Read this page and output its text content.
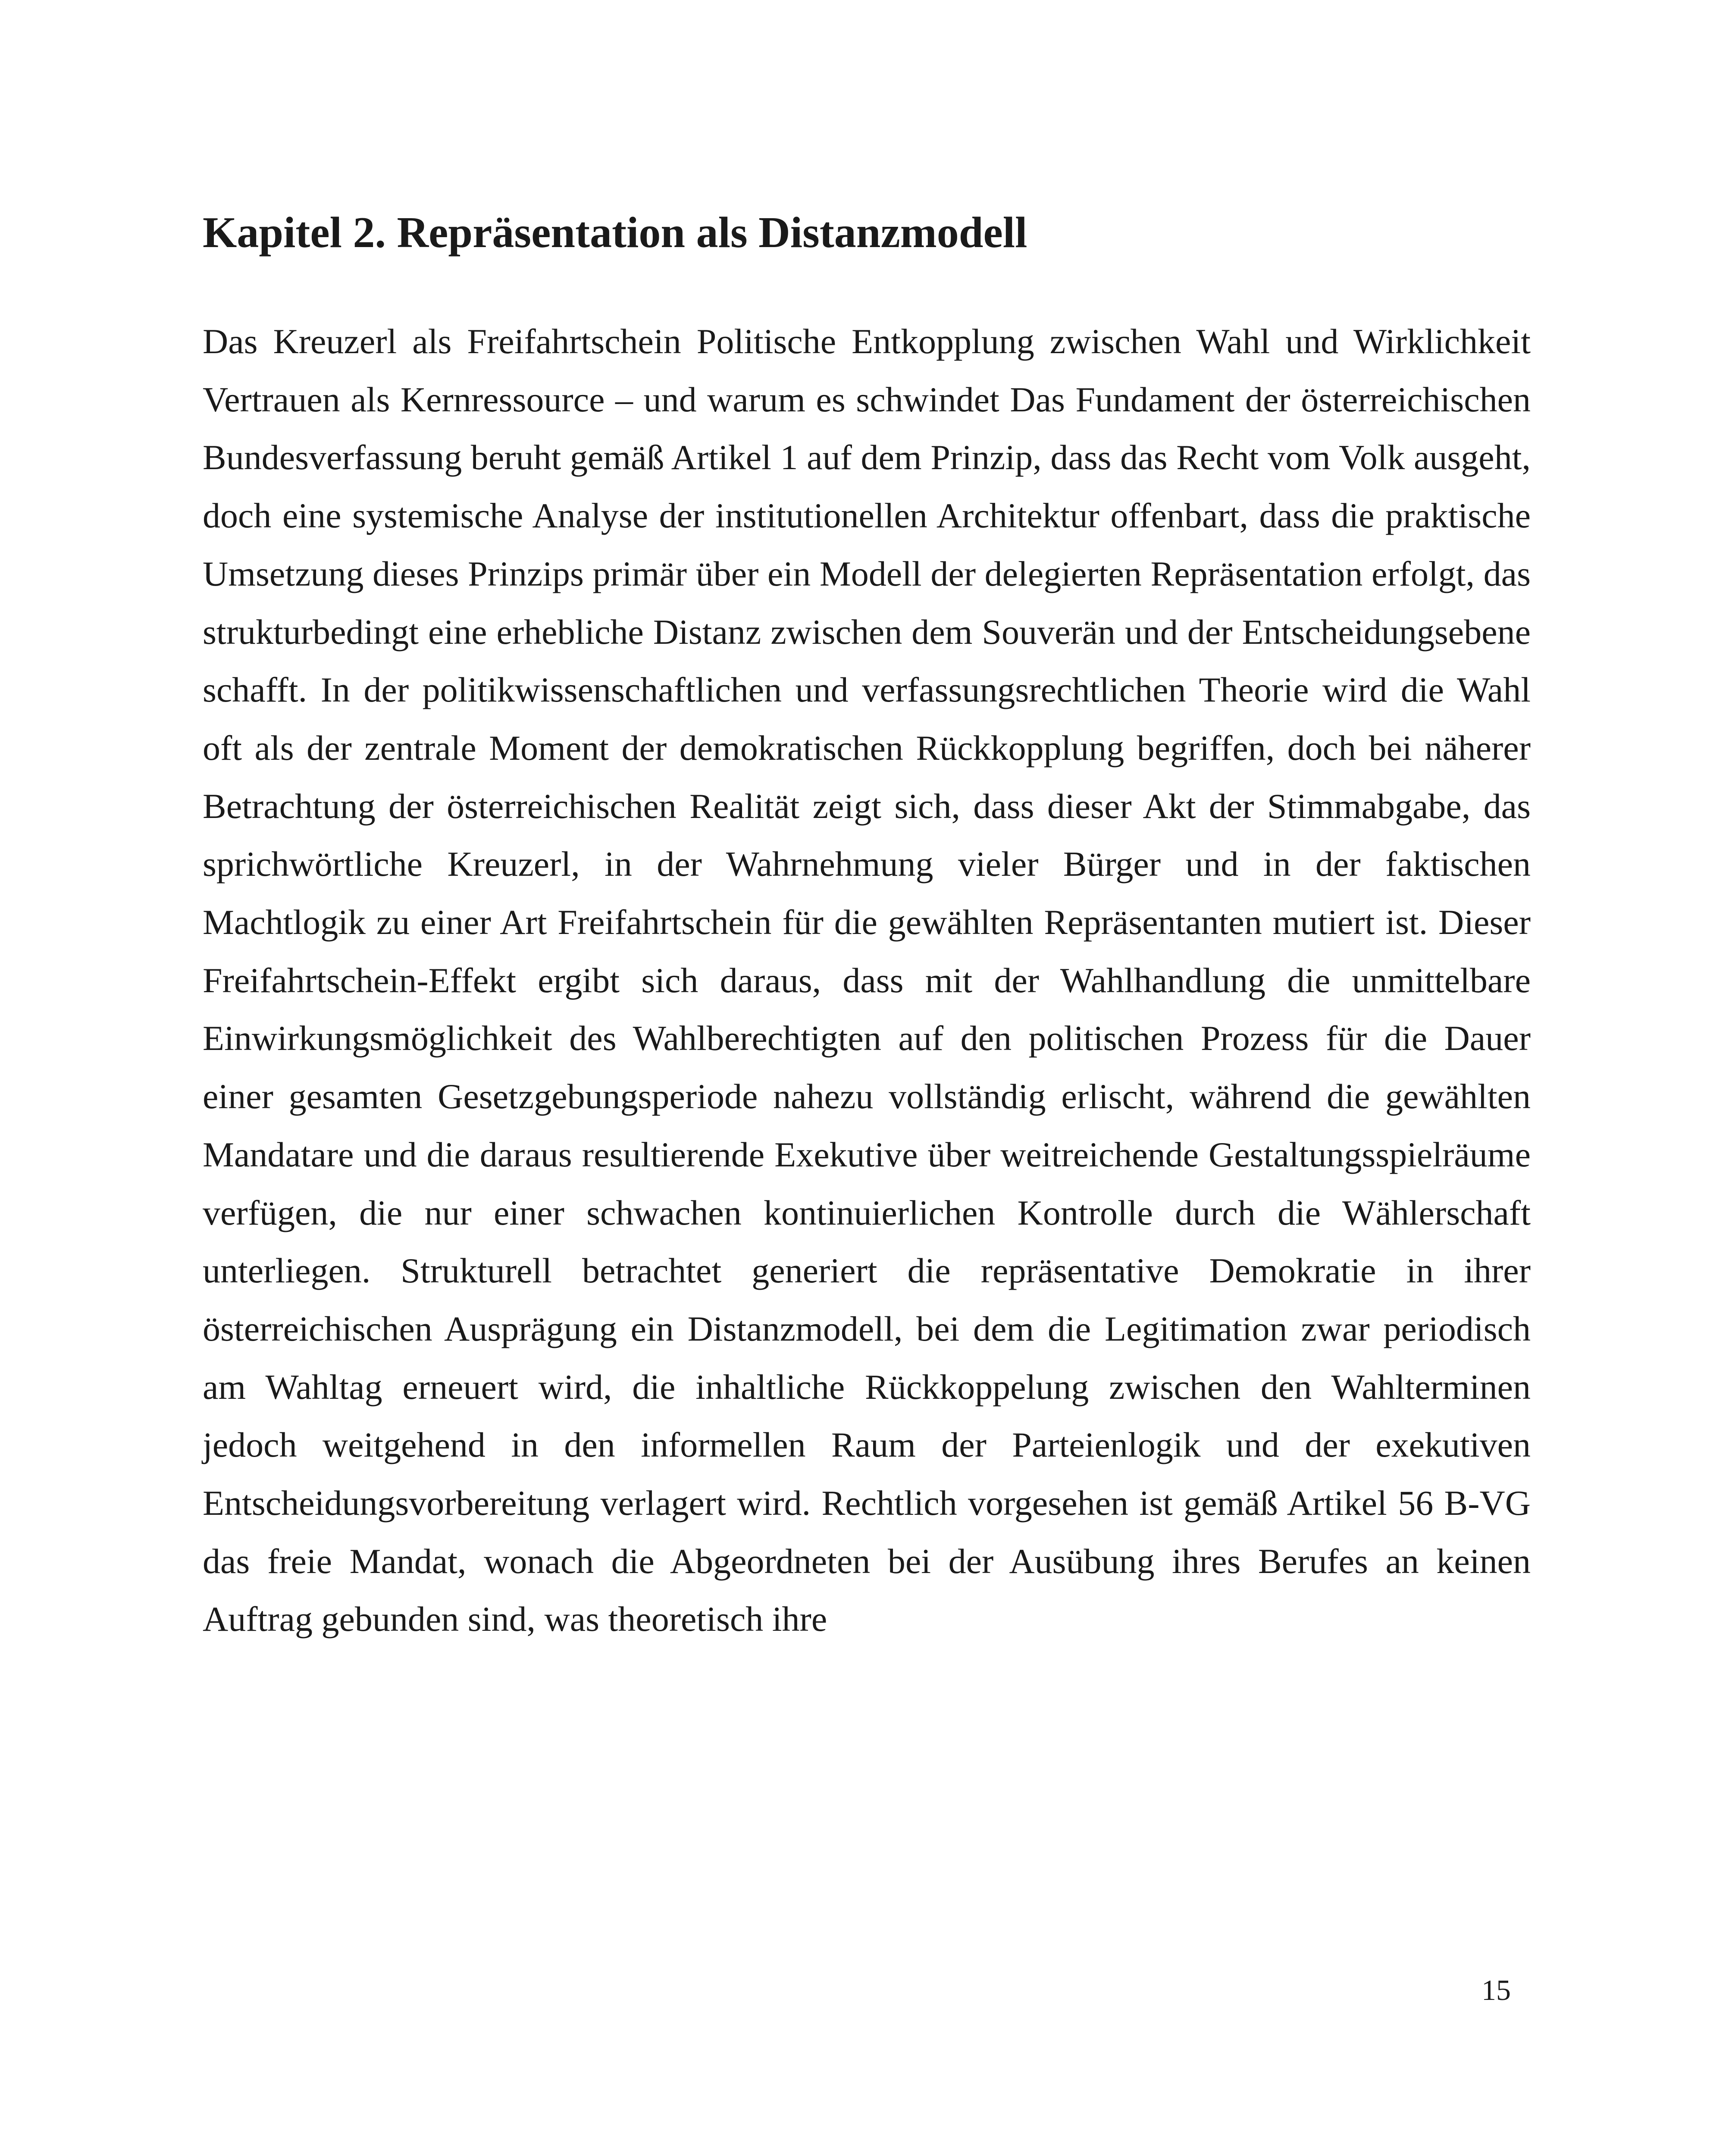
Kapitel 2. Repräsentation als Distanzmodell

Das Kreuzerl als Freifahrtschein Politische Entkopplung zwischen Wahl und Wirklichkeit Vertrauen als Kernressource – und warum es schwindet Das Fundament der österreichischen Bundesverfassung beruht gemäß Artikel 1 auf dem Prinzip, dass das Recht vom Volk ausgeht, doch eine systemische Analyse der institutionellen Architektur offenbart, dass die praktische Umsetzung dieses Prinzips primär über ein Modell der delegierten Repräsentation erfolgt, das strukturbedingt eine erhebliche Distanz zwischen dem Souverän und der Entscheidungsebene schafft. In der politikwissenschaftlichen und verfassungsrechtlichen Theorie wird die Wahl oft als der zentrale Moment der demokratischen Rückkopplung begriffen, doch bei näherer Betrachtung der österreichischen Realität zeigt sich, dass dieser Akt der Stimmabgabe, das sprichwörtliche Kreuzerl, in der Wahrnehmung vieler Bürger und in der faktischen Machtlogik zu einer Art Freifahrtschein für die gewählten Repräsentanten mutiert ist. Dieser Freifahrtschein-Effekt ergibt sich daraus, dass mit der Wahlhandlung die unmittelbare Einwirkungsmöglichkeit des Wahlberechtigten auf den politischen Prozess für die Dauer einer gesamten Gesetzgebungsperiode nahezu vollständig erlischt, während die gewählten Mandatare und die daraus resultierende Exekutive über weitreichende Gestaltungsspielräume verfügen, die nur einer schwachen kontinuierlichen Kontrolle durch die Wählerschaft unterliegen. Strukturell betrachtet generiert die repräsentative Demokratie in ihrer österreichischen Ausprägung ein Distanzmodell, bei dem die Legitimation zwar periodisch am Wahltag erneuert wird, die inhaltliche Rückkoppelung zwischen den Wahlterminen jedoch weitgehend in den informellen Raum der Parteienlogik und der exekutiven Entscheidungsvorbereitung verlagert wird. Rechtlich vorgesehen ist gemäß Artikel 56 B-VG das freie Mandat, wonach die Abgeordneten bei der Ausübung ihres Berufes an keinen Auftrag gebunden sind, was theoretisch ihre

15
